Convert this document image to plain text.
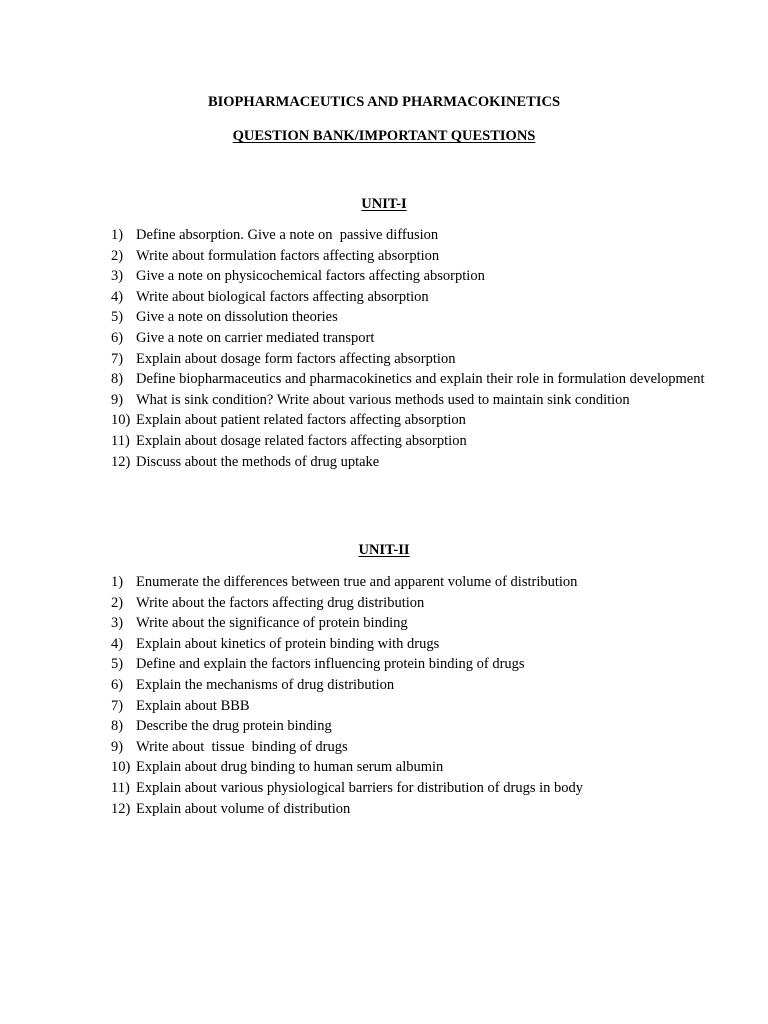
BIOPHARMACEUTICS AND PHARMACOKINETICS
QUESTION BANK/IMPORTANT QUESTIONS
UNIT-I
1) Define absorption. Give a note on  passive diffusion
2) Write about formulation factors affecting absorption
3) Give a note on physicochemical factors affecting absorption
4) Write about biological factors affecting absorption
5) Give a note on dissolution theories
6) Give a note on carrier mediated transport
7) Explain about dosage form factors affecting absorption
8) Define biopharmaceutics and pharmacokinetics and explain their role in formulation development
9) What is sink condition? Write about various methods used to maintain sink condition
10) Explain about patient related factors affecting absorption
11) Explain about dosage related factors affecting absorption
12) Discuss about the methods of drug uptake
UNIT-II
1) Enumerate the differences between true and apparent volume of distribution
2) Write about the factors affecting drug distribution
3) Write about the significance of protein binding
4) Explain about kinetics of protein binding with drugs
5) Define and explain the factors influencing protein binding of drugs
6) Explain the mechanisms of drug distribution
7) Explain about BBB
8) Describe the drug protein binding
9) Write about  tissue  binding of drugs
10) Explain about drug binding to human serum albumin
11) Explain about various physiological barriers for distribution of drugs in body
12) Explain about volume of distribution
